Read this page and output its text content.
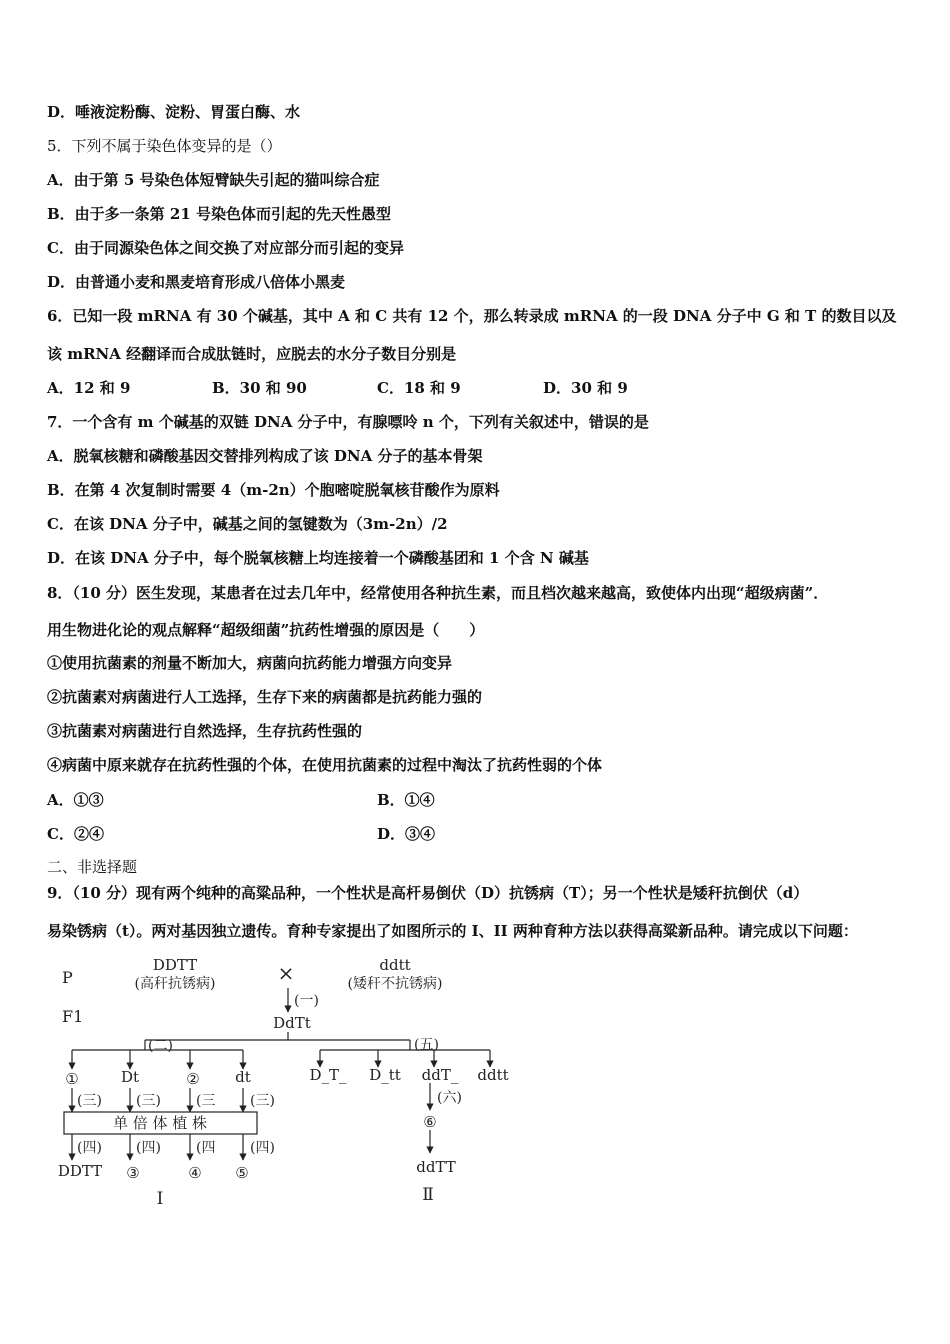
D．唾液淀粉酶、淀粉、胃蛋白酶、水
5．下列不属于染色体变异的是（）
A．由于第 5 号染色体短臂缺失引起的猫叫综合症
B．由于多一条第 21 号染色体而引起的先天性愚型
C．由于同源染色体之间交换了对应部分而引起的变异
D．由普通小麦和黑麦培育形成八倍体小黑麦
6．已知一段 mRNA 有 30 个碱基，其中 A 和 C 共有 12 个，那么转录成 mRNA 的一段 DNA 分子中 G 和 T 的数目以及
该 mRNA 经翻译而合成肽链时，应脱去的水分子数目分别是
A．12 和 9	B．30 和 90	C．18 和 9	D．30 和 9
7．一个含有 m 个碱基的双链 DNA 分子中，有腺嘌呤 n 个，下列有关叙述中，错误的是
A．脱氧核糖和磷酸基因交替排列构成了该 DNA 分子的基本骨架
B．在第 4 次复制时需要 4（m-2n）个胞嘧啶脱氧核苷酸作为原料
C．在该 DNA 分子中，碱基之间的氢键数为（3m-2n）/2
D．在该 DNA 分子中，每个脱氧核糖上均连接着一个磷酸基团和 1 个含 N 碱基
8．（10 分）医生发现，某患者在过去几年中，经常使用各种抗生素，而且档次越来越高，致使体内出现“超级病菌”．
用生物进化论的观点解释“超级细菌”抗药性增强的原因是（　　）
①使用抗菌素的剂量不断加大，病菌向抗药能力增强方向变异
②抗菌素对病菌进行人工选择，生存下来的病菌都是抗药能力强的
③抗菌素对病菌进行自然选择，生存抗药性强的
④病菌中原来就存在抗药性强的个体，在使用抗菌素的过程中淘汰了抗药性弱的个体
A．①③	B．①④
C．②④	D．③④
二、非选择题
9．（10 分）现有两个纯种的高粱品种，一个性状是高杆易倒伏（D）抗锈病（T）；另一个性状是矮秆抗倒伏（d）
易染锈病（t）。两对基因独立遗传。育种专家提出了如图所示的 I、II 两种育种方法以获得高粱新品种。请完成以下问题：
P
F1
DDTT
(高秆抗锈病)	×	ddtt
(矮秆不抗锈病)
(一)
DdTt
(二)	(五)
①	Dt	② dt
(三) (三)	(三 (三)
单 倍 体 植 株
(四) (四)	(四 (四)
DDTT ③	④ ⑤
Ⅰ
D_T_ D_tt ddT_ ddtt
(六)
⑥
ddTT
Ⅱ
